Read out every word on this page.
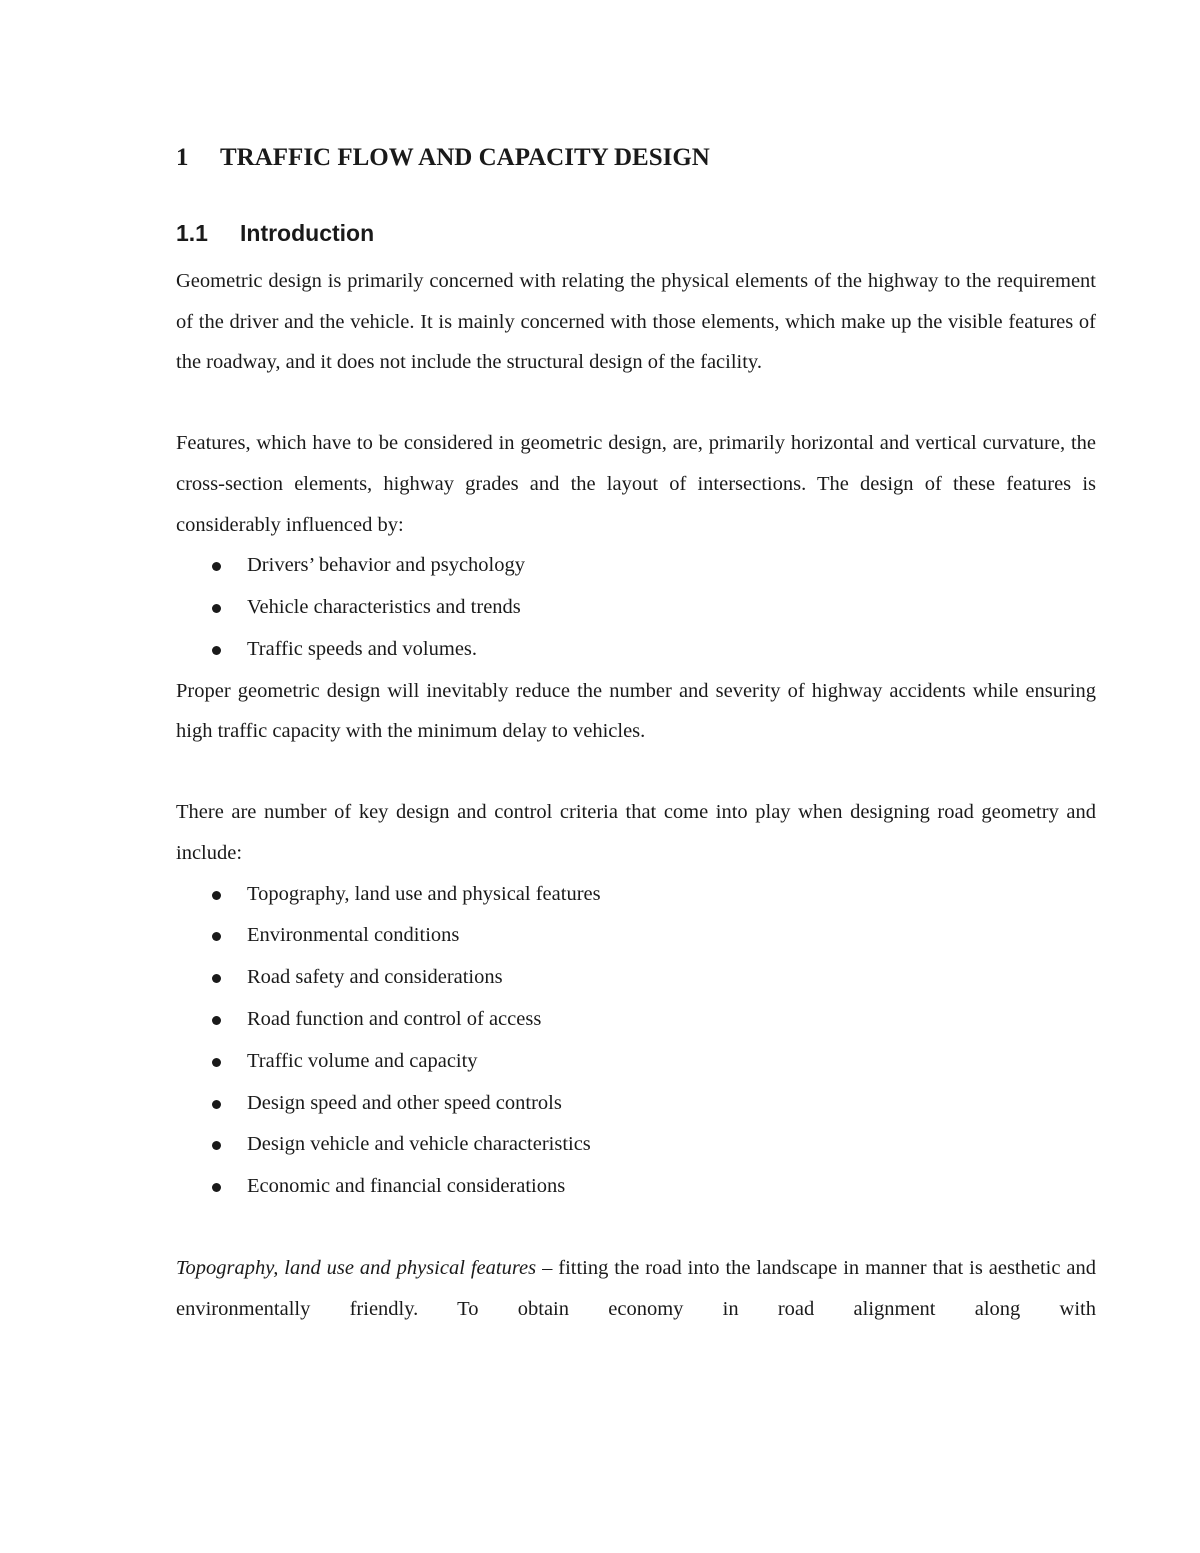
1 TRAFFIC FLOW AND CAPACITY DESIGN
1.1 Introduction

Geometric design is primarily concerned with relating the physical elements of the highway to the requirement of the driver and the vehicle. It is mainly concerned with those elements, which make up the visible features of the roadway, and it does not include the structural design of the facility.

Features, which have to be considered in geometric design, are, primarily horizontal and vertical curvature, the cross-section elements, highway grades and the layout of intersections. The design of these features is considerably influenced by:

Drivers’ behavior and psychology
Vehicle characteristics and trends
Traffic speeds and volumes.

Proper geometric design will inevitably reduce the number and severity of highway accidents while ensuring high traffic capacity with the minimum delay to vehicles.

There are number of key design and control criteria that come into play when designing road geometry and include:

Topography, land use and physical features
Environmental conditions
Road safety and considerations
Road function and control of access
Traffic volume and capacity
Design speed and other speed controls
Design vehicle and vehicle characteristics
Economic and financial considerations

Topography, land use and physical features – fitting the road into the landscape in manner that is aesthetic and environmentally friendly. To obtain economy in road alignment along with
